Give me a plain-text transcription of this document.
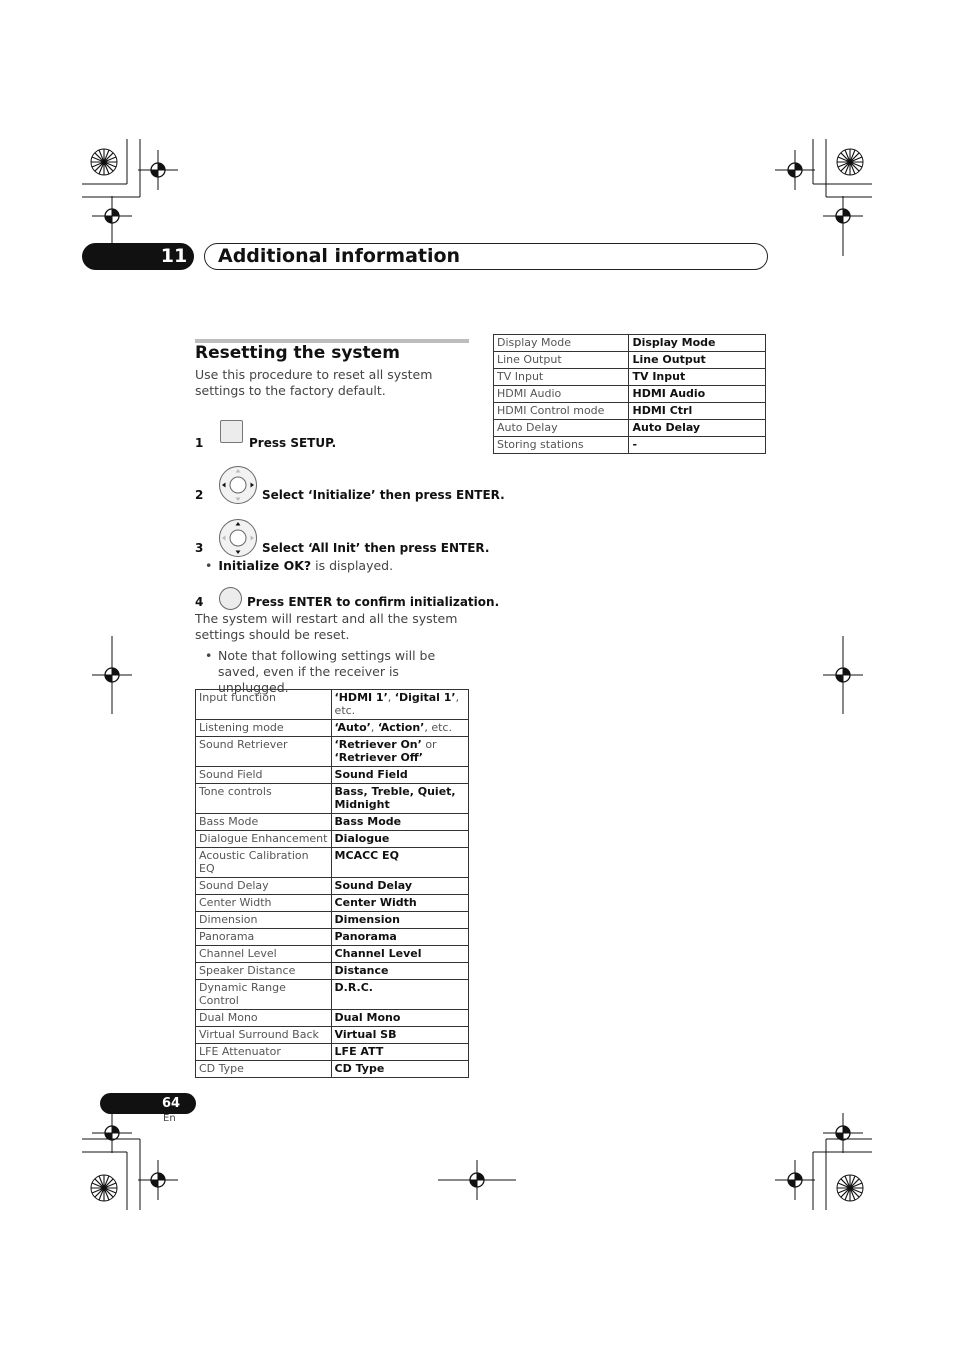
11 Additional information
Resetting the system
Use this procedure to reset all system settings to the factory default.
1	Press SETUP.
2	Select ‘Initialize’ then press ENTER.
3	Select ‘All Init’ then press ENTER.
• Initialize OK? is displayed.
4	Press ENTER to confirm initialization.
The system will restart and all the system settings should be reset.
• Note that following settings will be saved, even if the receiver is unplugged.
Input function	‘HDMI 1’, ‘Digital 1’, etc.
Listening mode	‘Auto’, ‘Action’, etc.
Sound Retriever	‘Retriever On’ or ‘Retriever Off’
Sound Field	Sound Field
Tone controls	Bass, Treble, Quiet, Midnight
Bass Mode	Bass Mode
Dialogue Enhancement	Dialogue
Acoustic Calibration EQ	MCACC EQ
Sound Delay	Sound Delay
Center Width	Center Width
Dimension	Dimension
Panorama	Panorama
Channel Level	Channel Level
Speaker Distance	Distance
Dynamic Range Control	D.R.C.
Dual Mono	Dual Mono
Virtual Surround Back	Virtual SB
LFE Attenuator	LFE ATT
CD Type	CD Type
Display Mode	Display Mode
Line Output	Line Output
TV Input	TV Input
HDMI Audio	HDMI Audio
HDMI Control mode	HDMI Ctrl
Auto Delay	Auto Delay
Storing stations	-
64
En
